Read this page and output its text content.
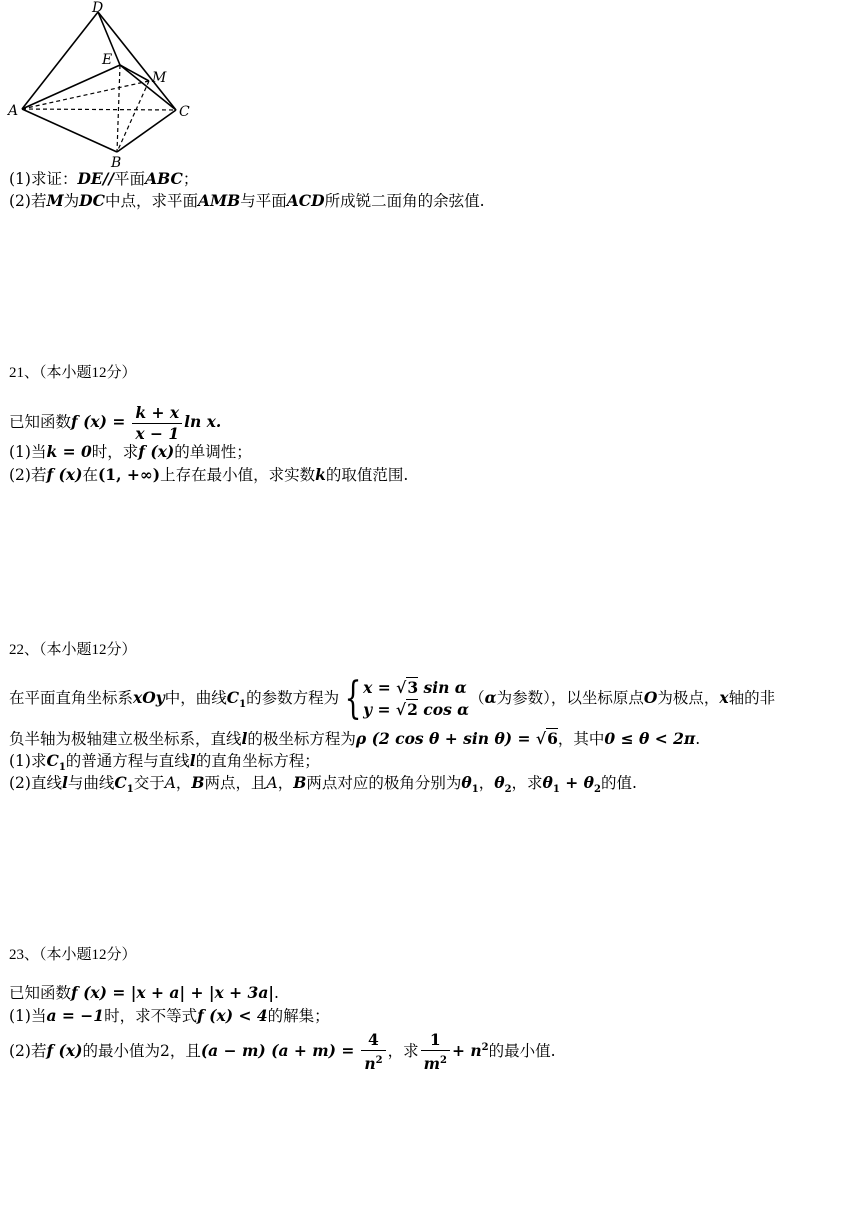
D
E
M
A	C
B
(1)求证：DE//平面ABC；
(2)若M为DC中点，求平面AMB与平面ACD所成锐二面角的余弦值.
21、（本小题12分）
已知函数f $(x) = \frac{k + x}{x - 1}$ ln x.
(1)当k = 0时，求f (x)的单调性；
(2)若f (x)在(1, +∞)上存在最小值，求实数k的取值范围.
22、（本小题12分）
在平面直角坐标系xOy中，曲线$C_1$的参数方程为 { x = √3 sin α
y = √2 cos α
（α为参数），以坐标原点O为极点，x轴的非
负半轴为极轴建立极坐标系，直线l的极坐标方程为ρ (2 cos θ + sin θ) = √6，其中0 ≤ θ < 2π.
(1)求$C_1$的普通方程与直线l的直角坐标方程；
(2)直线l与曲线$C_1$交于A，B两点，且A，B两点对应的极角分别为$\theta_1$，$\theta_2$，求$\theta_1 + \theta_2$的值.
23、（本小题12分）
已知函数f (x) = |x + a| + |x + 3a|.
(1)当a = −1时，求不等式f (x) < 4的解集；
(2)若f (x)的最小值为2，且(a − m) $(a + m) = \frac{4}{n^2}$ ，求 $\frac{1}{m^2} + n^2$的最小值.
